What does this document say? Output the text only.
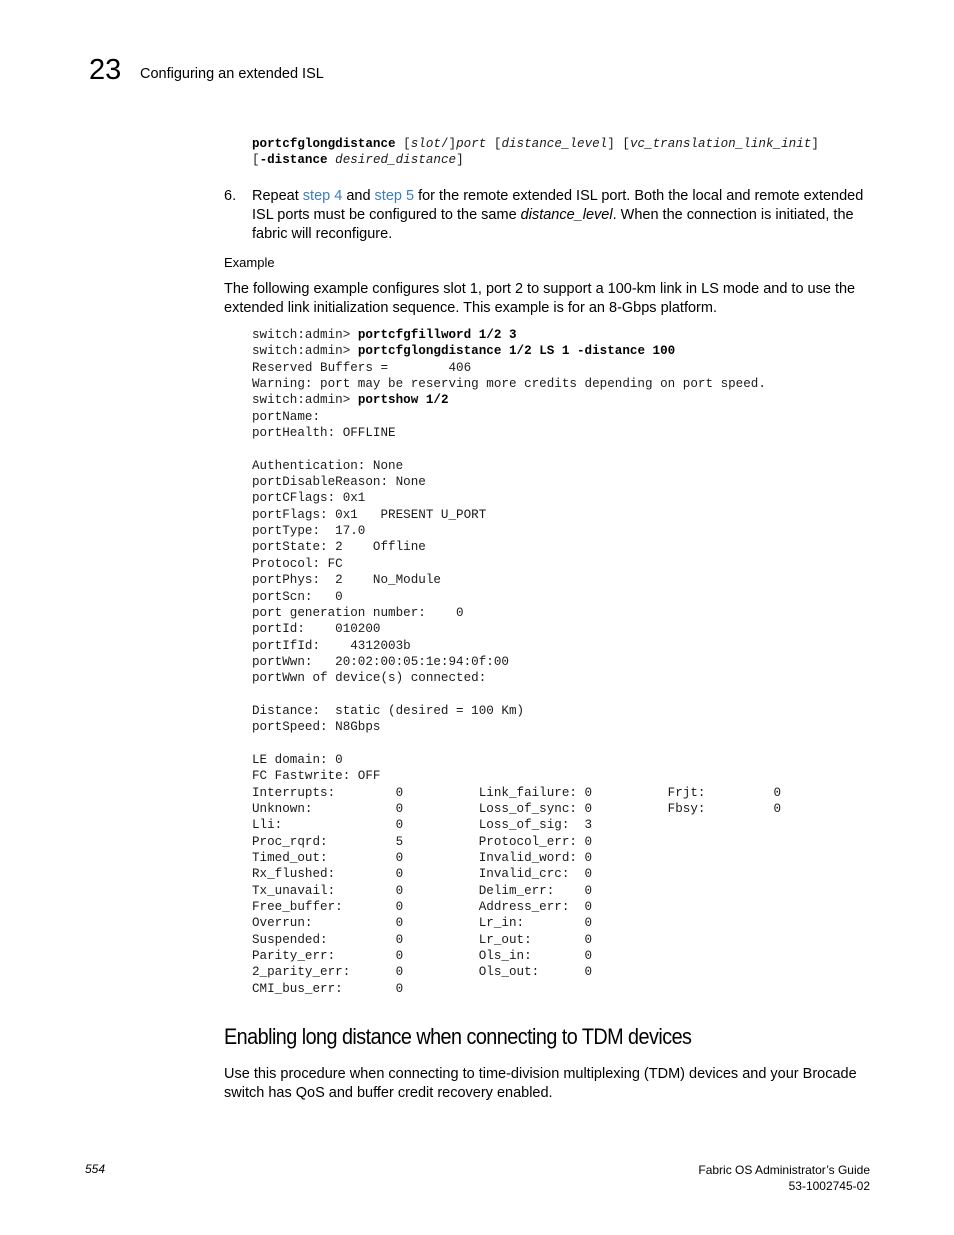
23 Configuring an extended ISL
portcfglongdistance [slot/]port [distance_level] [vc_translation_link_init]
[-distance desired_distance]
6. Repeat step 4 and step 5 for the remote extended ISL port. Both the local and remote extended ISL ports must be configured to the same distance_level. When the connection is initiated, the fabric will reconfigure.
Example
The following example configures slot 1, port 2 to support a 100-km link in LS mode and to use the extended link initialization sequence. This example is for an 8-Gbps platform.
switch:admin> portcfgfillword 1/2 3
switch:admin> portcfglongdistance 1/2 LS 1 -distance 100
Reserved Buffers =        406
Warning: port may be reserving more credits depending on port speed.
switch:admin> portshow 1/2
portName:
portHealth: OFFLINE

Authentication: None
portDisableReason: None
portCFlags: 0x1
portFlags: 0x1   PRESENT U_PORT
portType:  17.0
portState: 2    Offline
Protocol: FC
portPhys:  2    No_Module
portScn:   0
port generation number:    0
portId:    010200
portIfId:    4312003b
portWwn:   20:02:00:05:1e:94:0f:00
portWwn of device(s) connected:

Distance:  static (desired = 100 Km)
portSpeed: N8Gbps

LE domain: 0
FC Fastwrite: OFF
Interrupts:        0          Link_failure: 0          Frjt:         0
Unknown:           0          Loss_of_sync: 0          Fbsy:         0
Lli:               0          Loss_of_sig:  3
Proc_rqrd:         5          Protocol_err: 0
Timed_out:         0          Invalid_word: 0
Rx_flushed:        0          Invalid_crc:  0
Tx_unavail:        0          Delim_err:    0
Free_buffer:       0          Address_err:  0
Overrun:           0          Lr_in:        0
Suspended:         0          Lr_out:       0
Parity_err:        0          Ols_in:       0
2_parity_err:      0          Ols_out:      0
CMI_bus_err:       0
Enabling long distance when connecting to TDM devices
Use this procedure when connecting to time-division multiplexing (TDM) devices and your Brocade switch has QoS and buffer credit recovery enabled.
554	Fabric OS Administrator’s Guide
53-1002745-02
